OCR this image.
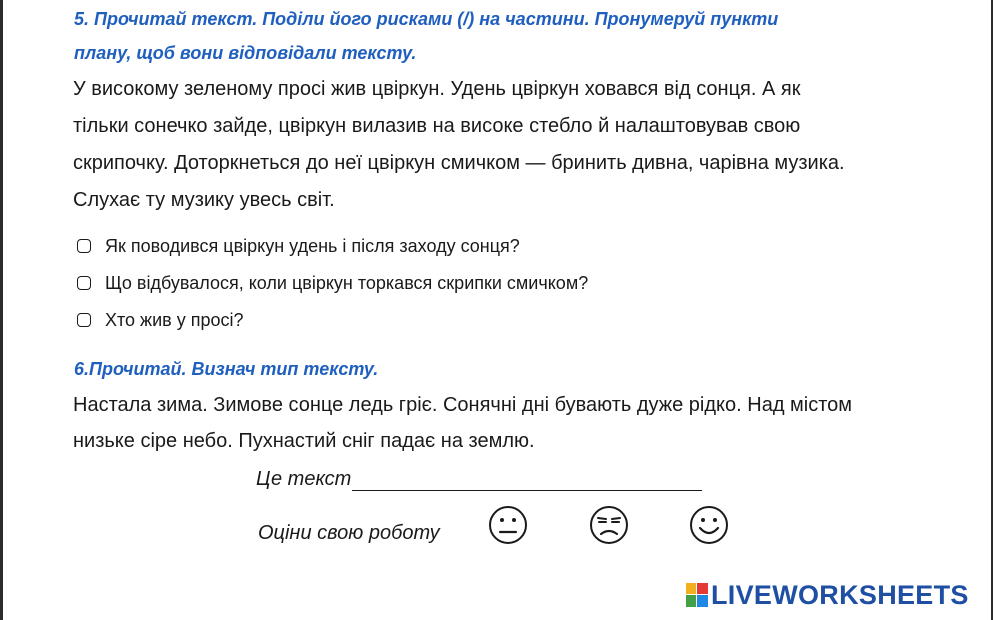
5. Прочитай текст. Поділи його рисками (/) на частини. Пронумеруй пункти
плану, щоб вони відповідали тексту.
У високому зеленому просі жив цвіркун. Удень цвіркун ховався від сонця. А як
тільки сонечко зайде, цвіркун вилазив на високе стебло й налаштовував свою
скрипочку. Доторкнеться до неї цвіркун смичком — бринить дивна, чарівна музика.
Слухає ту музику увесь світ.
Як поводився цвіркун удень і після заходу сонця?
Що відбувалося, коли цвіркун торкався скрипки смичком?
Хто жив у просі?
6.Прочитай. Визнач тип тексту.
Настала зима. Зимове сонце ледь гріє. Сонячні дні бувають дуже рідко. Над містом
низьке сіре небо. Пухнастий сніг падає на землю.
Це текст
Оціни свою роботу
LIVEWORKSHEETS
